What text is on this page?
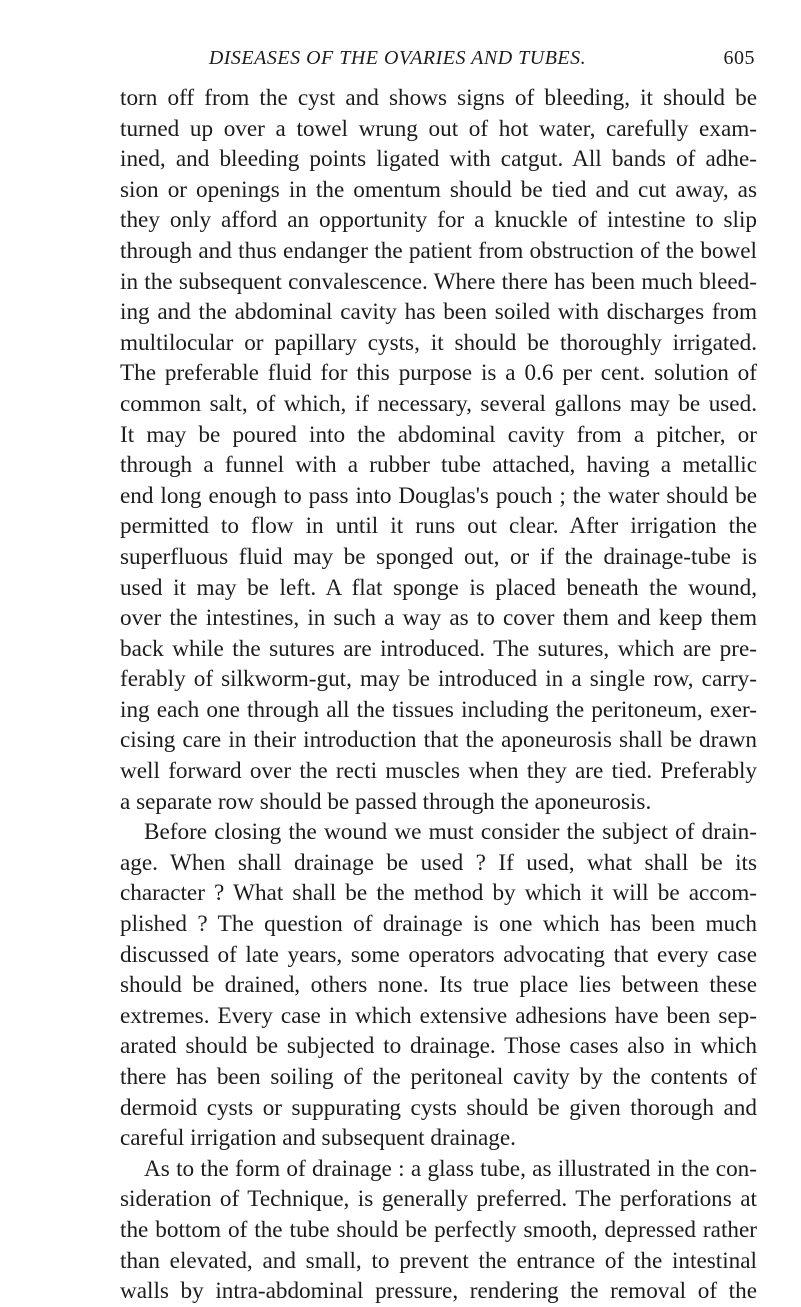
DISEASES OF THE OVARIES AND TUBES.	605
torn off from the cyst and shows signs of bleeding, it should be
turned up over a towel wrung out of hot water, carefully exam-
ined, and bleeding points ligated with catgut. All bands of adhe-
sion or openings in the omentum should be tied and cut away, as
they only afford an opportunity for a knuckle of intestine to slip
through and thus endanger the patient from obstruction of the bowel
in the subsequent convalescence. Where there has been much bleed-
ing and the abdominal cavity has been soiled with discharges from
multilocular or papillary cysts, it should be thoroughly irrigated.
The preferable fluid for this purpose is a 0.6 per cent. solution of
common salt, of which, if necessary, several gallons may be used.
It may be poured into the abdominal cavity from a pitcher, or
through a funnel with a rubber tube attached, having a metallic
end long enough to pass into Douglas's pouch ; the water should be
permitted to flow in until it runs out clear. After irrigation the
superfluous fluid may be sponged out, or if the drainage-tube is
used it may be left. A flat sponge is placed beneath the wound,
over the intestines, in such a way as to cover them and keep them
back while the sutures are introduced. The sutures, which are pre-
ferably of silkworm-gut, may be introduced in a single row, carry-
ing each one through all the tissues including the peritoneum, exer-
cising care in their introduction that the aponeurosis shall be drawn
well forward over the recti muscles when they are tied. Preferably
a separate row should be passed through the aponeurosis.
Before closing the wound we must consider the subject of drain-
age. When shall drainage be used ? If used, what shall be its
character ? What shall be the method by which it will be accom-
plished ? The question of drainage is one which has been much
discussed of late years, some operators advocating that every case
should be drained, others none. Its true place lies between these
extremes. Every case in which extensive adhesions have been sep-
arated should be subjected to drainage. Those cases also in which
there has been soiling of the peritoneal cavity by the contents of
dermoid cysts or suppurating cysts should be given thorough and
careful irrigation and subsequent drainage.
As to the form of drainage : a glass tube, as illustrated in the con-
sideration of Technique, is generally preferred. The perforations at
the bottom of the tube should be perfectly smooth, depressed rather
than elevated, and small, to prevent the entrance of the intestinal
walls by intra-abdominal pressure, rendering the removal of the
